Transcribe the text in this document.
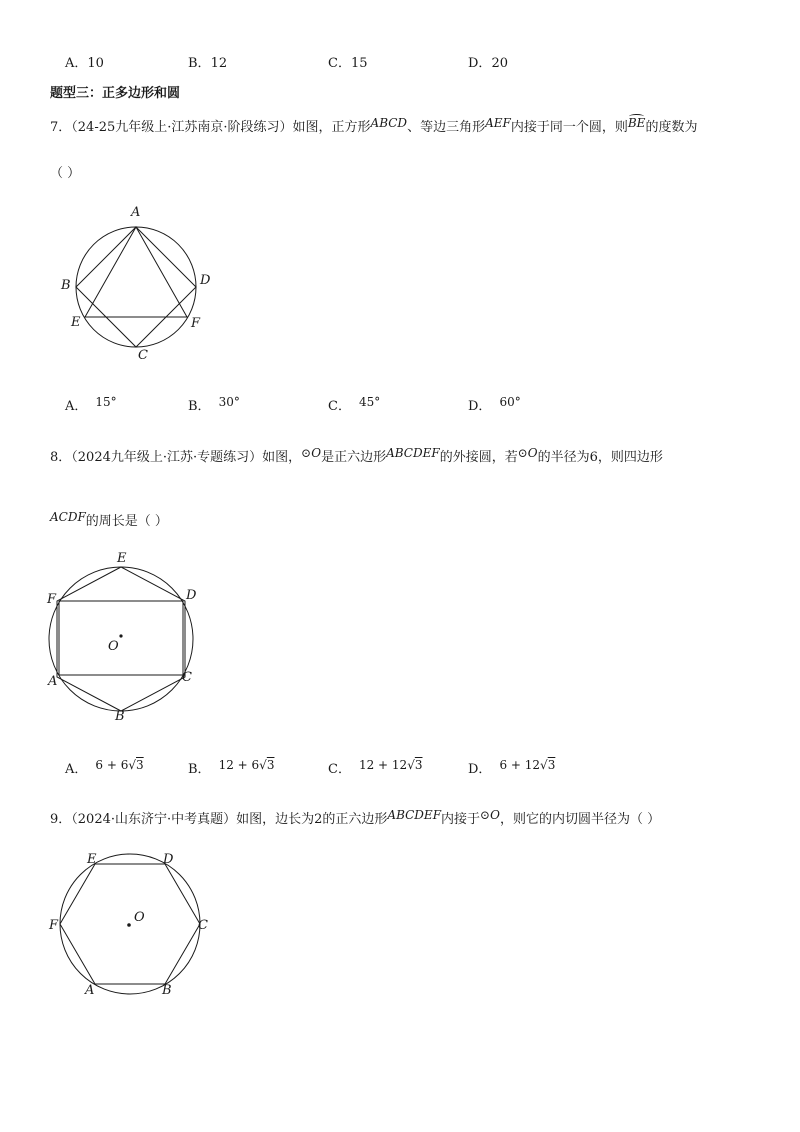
A．10	B．12	C．15	D．20
题型三：正多边形和圆
7．（24-25九年级上·江苏南京·阶段练习）如图，正方形ABCD、等边三角形AEF内接于同一个圆，则BE的度数为
（ ）
A
B	D
E	F
C
A． 15°	B． 30°	C． 45°	D． 60°
8．（2024九年级上·江苏·专题练习）如图，⊙O是正六边形ABCDEF的外接圆，若⊙O的半径为6，则四边形
ACDF的周长是（ ）
O
E
F	D
A	C
B
A． 6 + 6√3	B． 12 + 6√3	C． 12 + 12√3	D． 6 + 12√3
9．（2024·山东济宁·中考真题）如图，边长为2的正六边形ABCDEF内接于⊙O，则它的内切圆半径为（ ）
O
E	D
F	C
A	B
